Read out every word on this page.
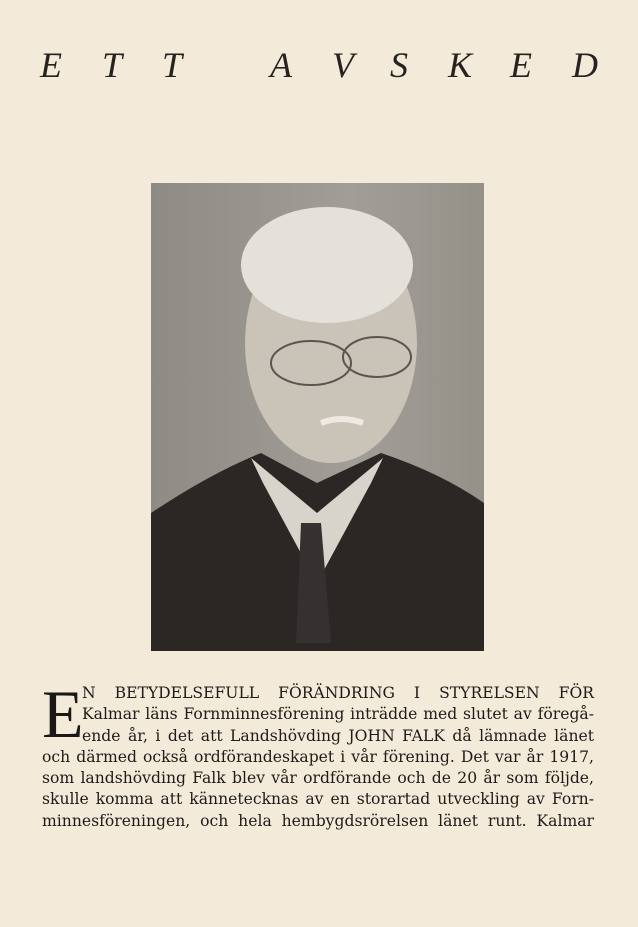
E T T A V S K E D
E
N BETYDELSEFULL FÖRÄNDRING I STYRELSEN FÖR
Kalmar läns Fornminnesförening inträdde med slutet av föregå-
ende år, i det att Landshövding JOHN FALK då lämnade länet
och därmed också ordförandeskapet i vår förening. Det var år 1917,
som landshövding Falk blev vår ordförande och de 20 år som följde,
skulle komma att kännetecknas av en storartad utveckling av Forn-
minnesföreningen, och hela hembygdsrörelsen länet runt. Kalmar
